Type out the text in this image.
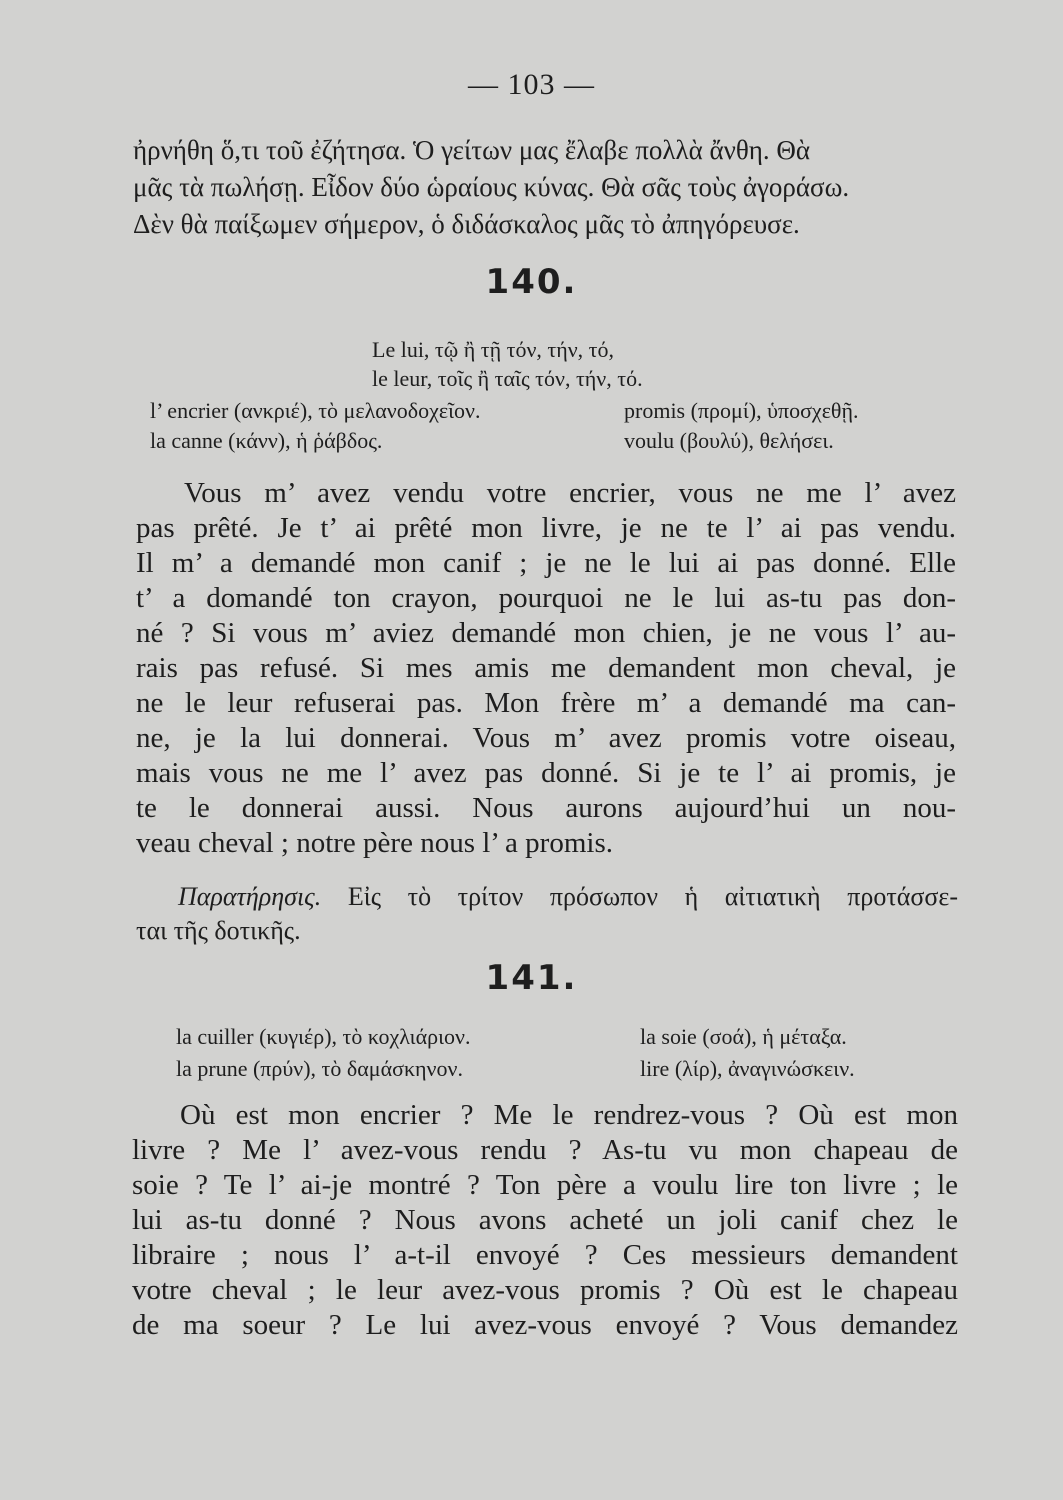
— 103 —
ἠρνήθη ὅ,τι τοῦ ἐζήτησα. Ὁ γείτων μας ἔλαβε πολλὰ ἄνθη. Θὰ
μᾶς τὰ πωλήσῃ. Εἶδον δύο ὡραίους κύνας. Θὰ σᾶς τοὺς ἀγοράσω.
Δὲν θὰ παίξωμεν σήμερον, ὁ διδάσκαλος μᾶς τὸ ἀπηγόρευσε.
140.
Le lui, τῷ ἢ τῇ τόν, τήν, τό,
le leur, τοῖς ἢ ταῖς τόν, τήν, τό.
l’ encrier (ανκριέ), τὸ μελανοδοχεῖον.
la canne (κάνν), ἡ ῥάβδος.
promis (προμί), ὑποσχεθῇ.
voulu (βουλύ), θελήσει.
Vous m’ avez vendu votre encrier, vous ne me l’ avez
pas prêté. Je t’ ai prêté mon livre, je ne te l’ ai pas vendu.
Il m’ a demandé mon canif ; je ne le lui ai pas donné. Elle
t’ a domandé ton crayon, pourquoi ne le lui as-tu pas don-
né ? Si vous m’ aviez demandé mon chien, je ne vous l’ au-
rais pas refusé. Si mes amis me demandent mon cheval, je
ne le leur refuserai pas. Mon frère m’ a demandé ma can-
ne, je la lui donnerai. Vous m’ avez promis votre oiseau,
mais vous ne me l’ avez pas donné. Si je te l’ ai promis, je
te le donnerai aussi. Nous aurons aujourd’hui un nou-
veau cheval ; notre père nous l’ a promis.
Παρατήρησις. Εἰς τὸ τρίτον πρόσωπον ἡ αἰτιατικὴ προτάσσε-
ται τῆς δοτικῆς.
141.
la cuiller (κυγιέρ), τὸ κοχλιάριον.
la prune (πρύν), τὸ δαμάσκηνον.
la soie (σοά), ἡ μέταξα.
lire (λίρ), ἀναγινώσκειν.
Où est mon encrier ? Me le rendrez-vous ? Où est mon
livre ? Me l’ avez-vous rendu ? As-tu vu mon chapeau de
soie ? Te l’ ai-je montré ? Ton père a voulu lire ton livre ; le
lui as-tu donné ? Nous avons acheté un joli canif chez le
libraire ; nous l’ a-t-il envoyé ? Ces messieurs demandent
votre cheval ; le leur avez-vous promis ? Où est le chapeau
de ma soeur ? Le lui avez-vous envoyé ? Vous demandez
